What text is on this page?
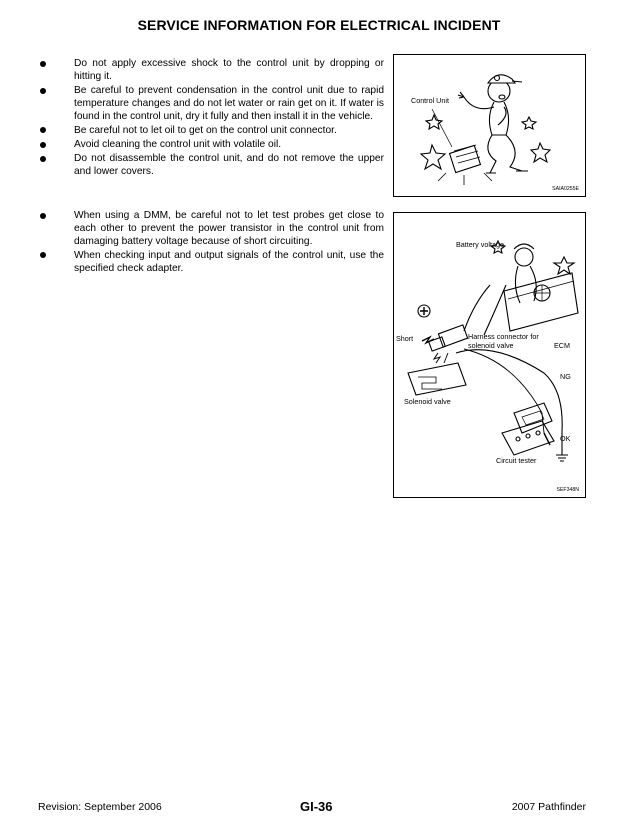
SERVICE INFORMATION FOR ELECTRICAL INCIDENT
Do not apply excessive shock to the control unit by dropping or hitting it.
Be careful to prevent condensation in the control unit due to rapid temperature changes and do not let water or rain get on it. If water is found in the control unit, dry it fully and then install it in the vehicle.
Be careful not to let oil to get on the control unit connector.
Avoid cleaning the control unit with volatile oil.
Do not disassemble the control unit, and do not remove the upper and lower covers.
When using a DMM, be careful not to let test probes get close to each other to prevent the power transistor in the control unit from damaging battery voltage because of short circuiting.
When checking input and output signals of the control unit, use the specified check adapter.
Control Unit
SAIA0255E
Battery voltage
Short	Harness connector for solenoid valve	ECM
NG
Solenoid valve
OK
Circuit tester
SEF348N
Revision: September 2006	GI-36	2007 Pathfinder
